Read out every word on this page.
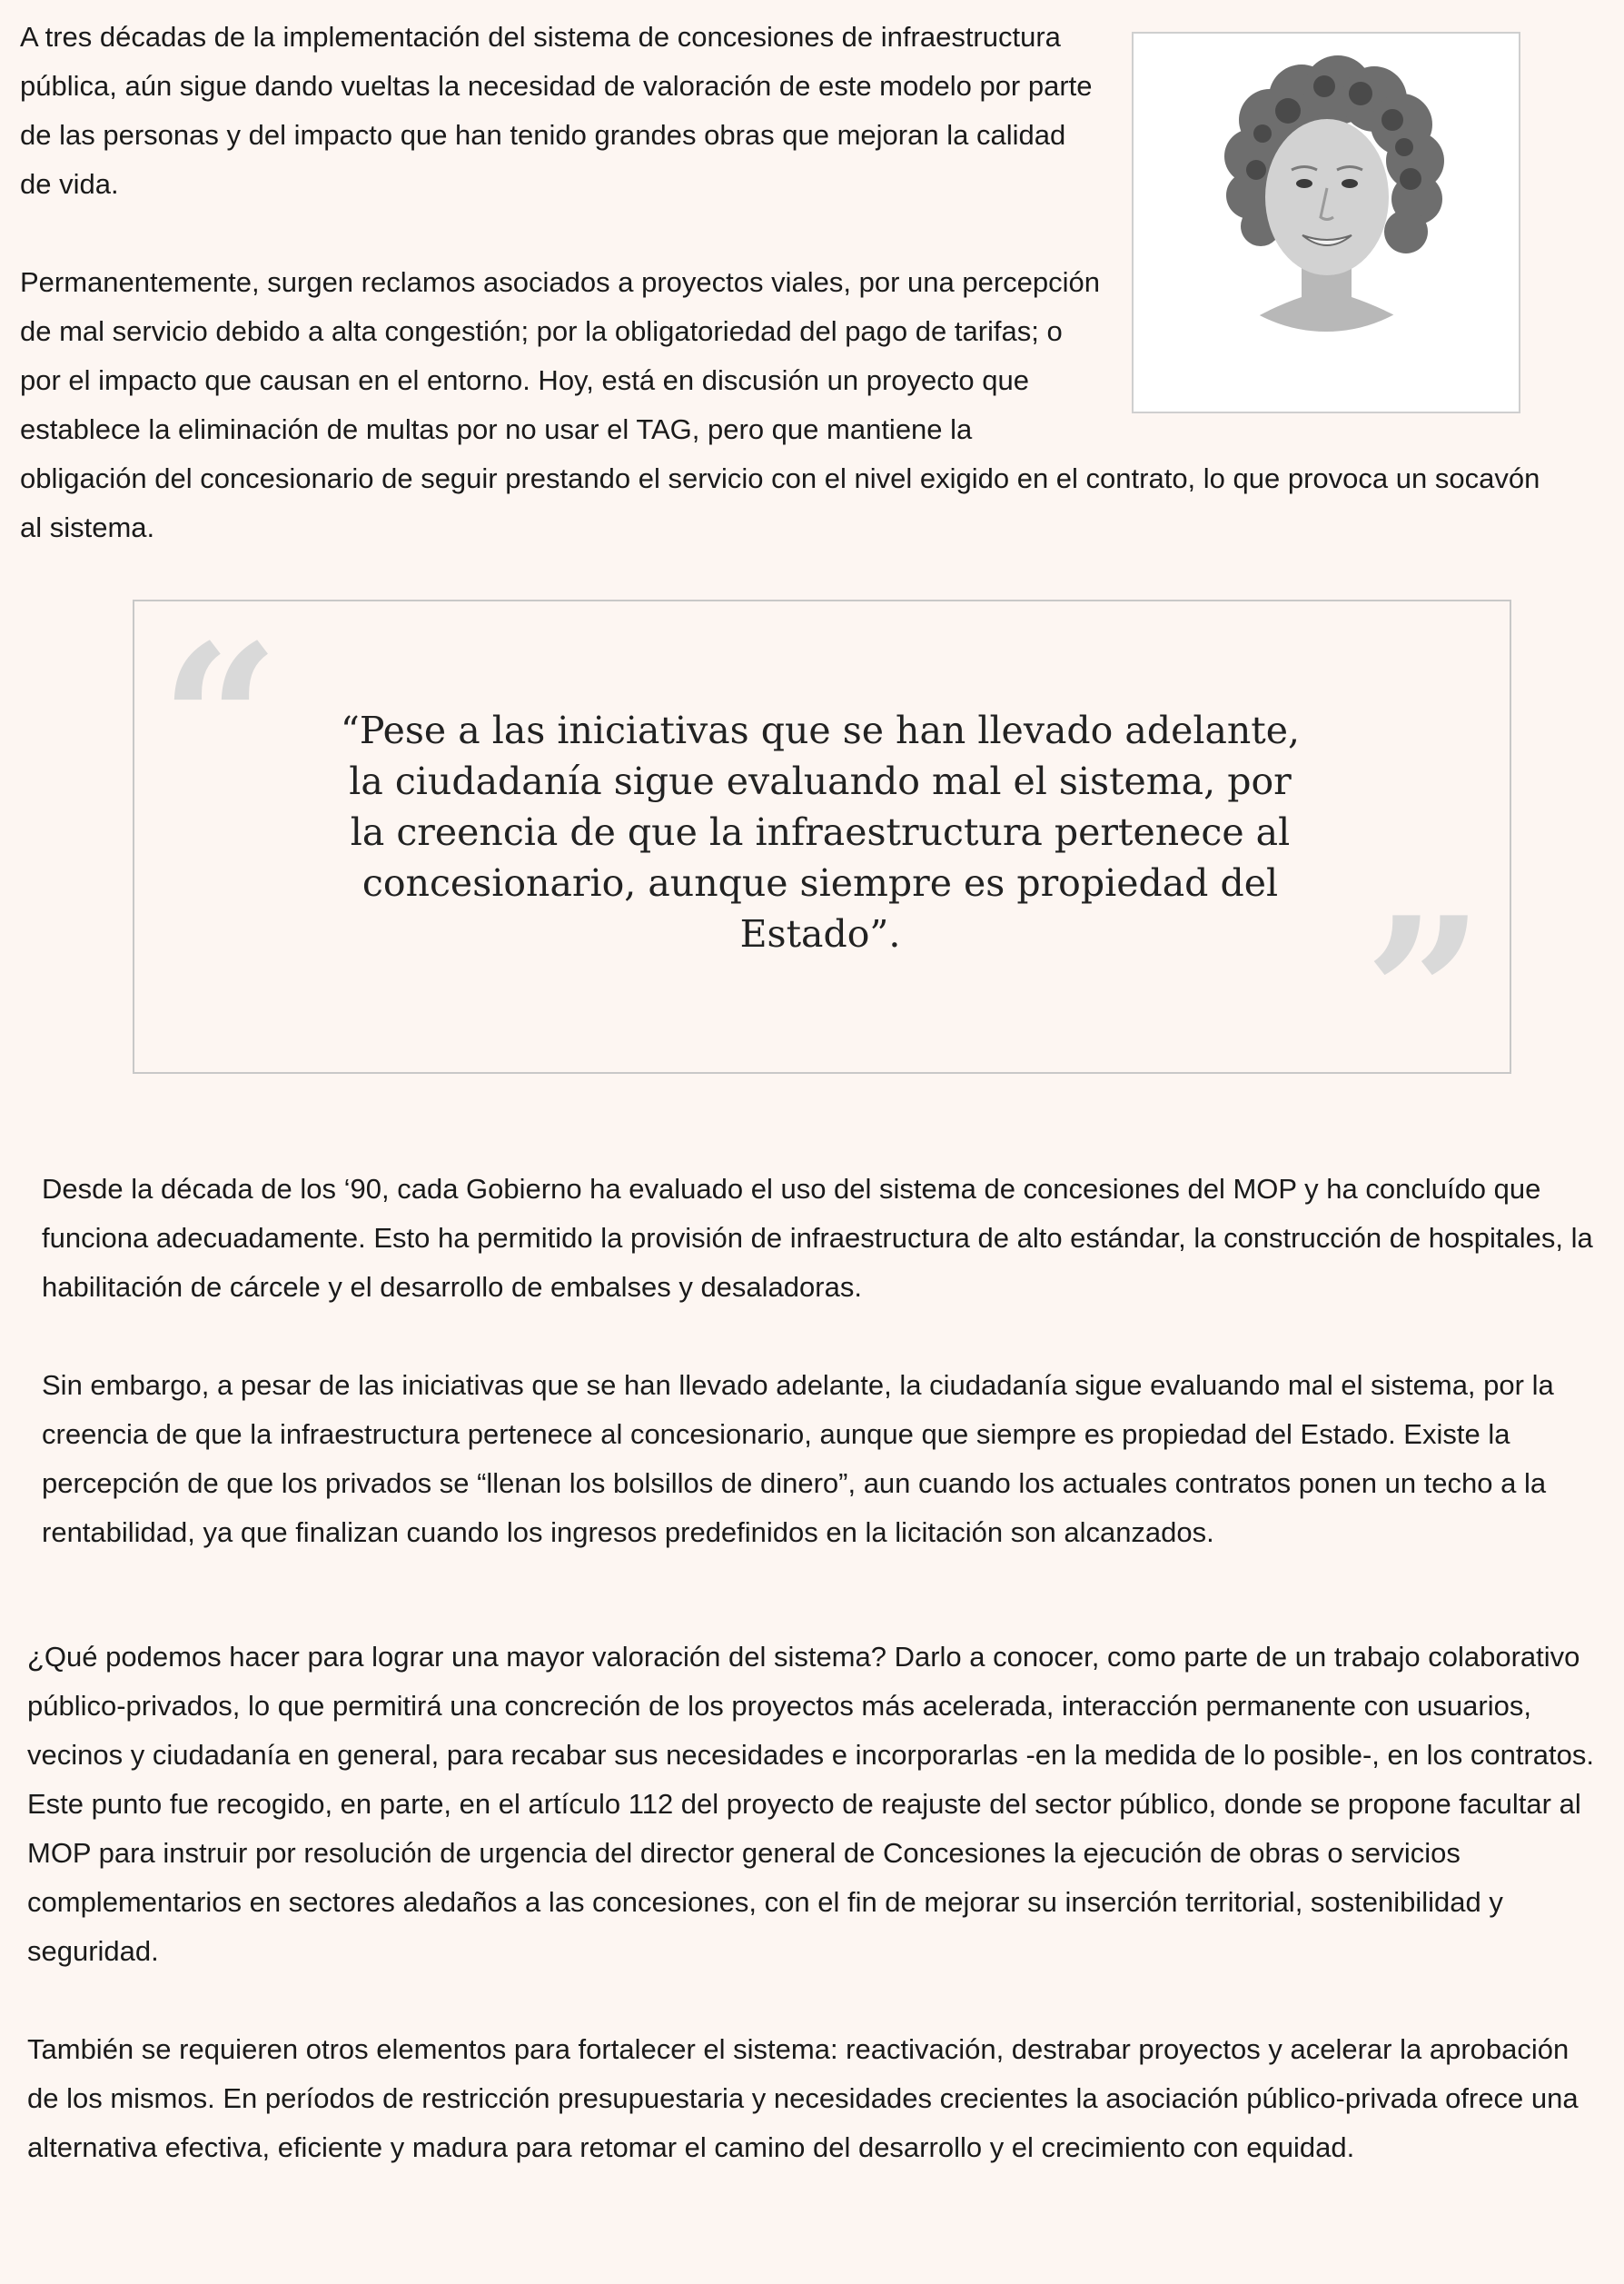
A tres décadas de la implementación del sistema de concesiones de infraestructura pública, aún sigue dando vueltas la necesidad de valoración de este modelo por parte de las personas y del impacto que han tenido grandes obras que mejoran la calidad de vida.

Permanentemente, surgen reclamos asociados a proyectos viales, por una percepción de mal servicio debido a alta congestión; por la obligatoriedad del pago de tarifas; o por el impacto que causan en el entorno. Hoy, está en discusión un proyecto que establece la eliminación de multas por no usar el TAG, pero que mantiene la obligación del concesionario de seguir prestando el servicio con el nivel exigido en el contrato, lo que provoca un socavón al sistema.

“ “Pese a las iniciativas que se han llevado adelante, la ciudadanía sigue evaluando mal el sistema, por la creencia de que la infraestructura pertenece al concesionario, aunque siempre es propiedad del Estado”.	”

Desde la década de los ‘90, cada Gobierno ha evaluado el uso del sistema de concesiones del MOP y ha concluído que funciona adecuadamente. Esto ha permitido la provisión de infraestructura de alto estándar, la construcción de hospitales, la habilitación de cárcele y el desarrollo de embalses y desaladoras.

Sin embargo, a pesar de las iniciativas que se han llevado adelante, la ciudadanía sigue evaluando mal el sistema, por la creencia de que la infraestructura pertenece al concesionario, aunque que siempre es propiedad del Estado. Existe la percepción de que los privados se “llenan los bolsillos de dinero”, aun cuando los actuales contratos ponen un techo a la rentabilidad, ya que finalizan cuando los ingresos predefinidos en la licitación son alcanzados.

¿Qué podemos hacer para lograr una mayor valoración del sistema? Darlo a conocer, como parte de un trabajo colaborativo público-privados, lo que permitirá una concreción de los proyectos más acelerada, interacción permanente con usuarios, vecinos y ciudadanía en general, para recabar sus necesidades e incorporarlas -en la medida de lo posible-, en los contratos. Este punto fue recogido, en parte, en el artículo 112 del proyecto de reajuste del sector público, donde se propone facultar al MOP para instruir por resolución de urgencia del director general de Concesiones la ejecución de obras o servicios complementarios en sectores aledaños a las concesiones, con el fin de mejorar su inserción territorial, sostenibilidad y seguridad.

También se requieren otros elementos para fortalecer el sistema: reactivación, destrabar proyectos y acelerar la aprobación de los mismos. En períodos de restricción presupuestaria y necesidades crecientes la asociación público-privada ofrece una alternativa efectiva, eficiente y madura para retomar el camino del desarrollo y el crecimiento con equidad.
